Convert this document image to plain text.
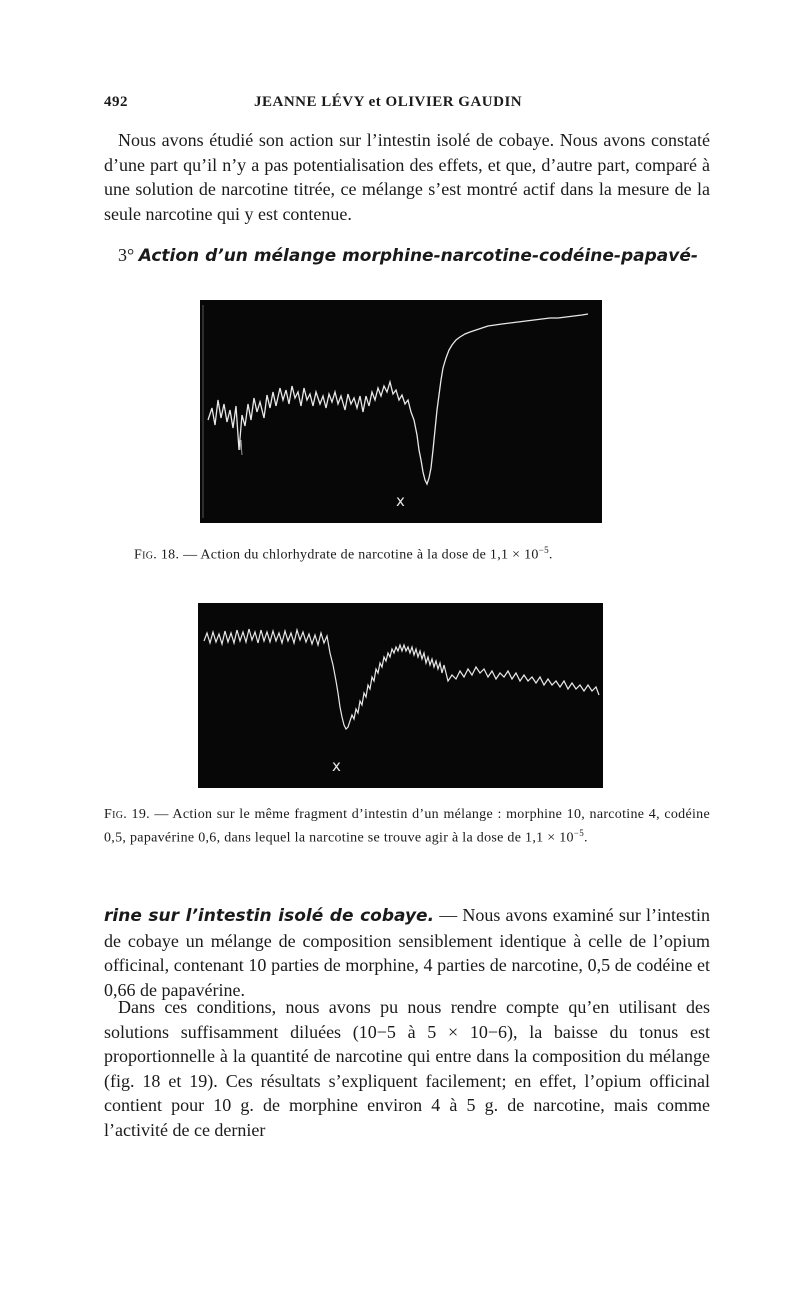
492	JEANNE LÉVY et OLIVIER GAUDIN
Nous avons étudié son action sur l’intestin isolé de cobaye. Nous avons constaté d’une part qu’il n’y a pas potentialisation des effets, et que, d’autre part, comparé à une solution de narcotine titrée, ce mélange s’est montré actif dans la mesure de la seule narcotine qui y est contenue.
3° Action d’un mélange morphine-narcotine-codéine-papavé-
x
Fig. 18. — Action du chlorhydrate de narcotine à la dose de $1,1 \times 10^{-5}$.
x
Fig. 19. — Action sur le même fragment d’intestin d’un mélange : morphine 10, narcotine 4, codéine 0,5, papavérine 0,6, dans lequel la narcotine se trouve agir à la dose de $1,1 \times 10^{-5}$.
rine sur l’intestin isolé de cobaye. — Nous avons examiné sur l’intestin de cobaye un mélange de composition sensiblement identique à celle de l’opium officinal, contenant 10 parties de morphine, 4 parties de narcotine, 0,5 de codéine et 0,66 de papavérine.
Dans ces conditions, nous avons pu nous rendre compte qu’en utilisant des solutions suffisamment diluées (10−5 à 5 × 10−6), la baisse du tonus est proportionnelle à la quantité de narcotine qui entre dans la composition du mélange (fig. 18 et 19). Ces résultats s’expliquent facilement; en effet, l’opium officinal contient pour 10 g. de morphine environ 4 à 5 g. de narcotine, mais comme l’activité de ce dernier
